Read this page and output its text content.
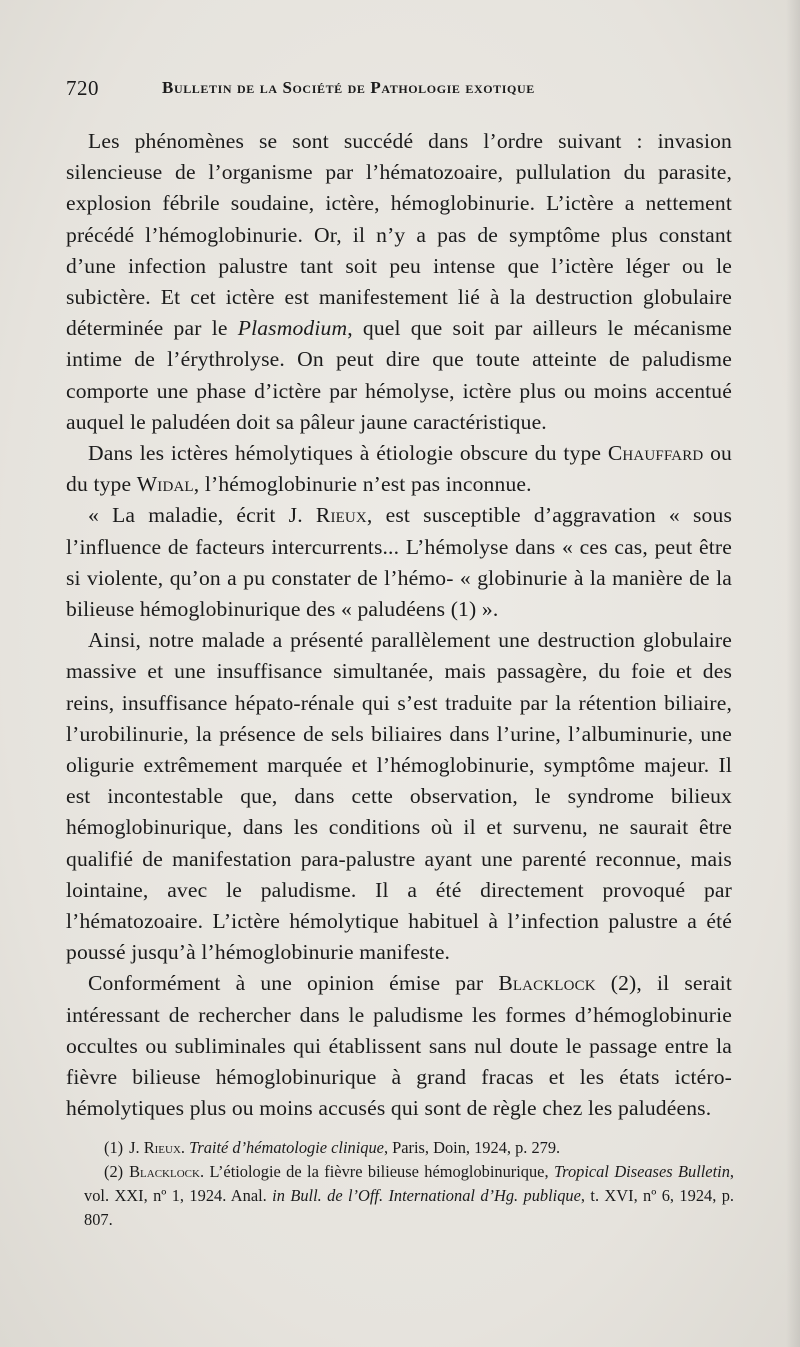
720	Bulletin de la Société de Pathologie exotique

Les phénomènes se sont succédé dans l’ordre suivant : invasion silencieuse de l’organisme par l’hématozoaire, pullulation du parasite, explosion fébrile soudaine, ictère, hémoglobinurie. L’ictère a nettement précédé l’hémoglobinurie. Or, il n’y a pas de symptôme plus constant d’une infection palustre tant soit peu intense que l’ictère léger ou le subictère. Et cet ictère est manifestement lié à la destruction globulaire déterminée par le Plasmodium, quel que soit par ailleurs le mécanisme intime de l’érythrolyse. On peut dire que toute atteinte de paludisme comporte une phase d’ictère par hémolyse, ictère plus ou moins accentué auquel le paludéen doit sa pâleur jaune caractéristique.

Dans les ictères hémolytiques à étiologie obscure du type Chauffard ou du type Widal, l’hémoglobinurie n’est pas inconnue.

« La maladie, écrit J. Rieux, est susceptible d’aggravation « sous l’influence de facteurs intercurrents... L’hémolyse dans « ces cas, peut être si violente, qu’on a pu constater de l’hémo- « globinurie à la manière de la bilieuse hémoglobinurique des « paludéens (1) ».

Ainsi, notre malade a présenté parallèlement une destruction globulaire massive et une insuffisance simultanée, mais passagère, du foie et des reins, insuffisance hépato-rénale qui s’est traduite par la rétention biliaire, l’urobilinurie, la présence de sels biliaires dans l’urine, l’albuminurie, une oligurie extrêmement marquée et l’hémoglobinurie, symptôme majeur. Il est incontestable que, dans cette observation, le syndrome bilieux hémoglobinurique, dans les conditions où il et survenu, ne saurait être qualifié de manifestation para-palustre ayant une parenté reconnue, mais lointaine, avec le paludisme. Il a été directement provoqué par l’hématozoaire. L’ictère hémolytique habituel à l’infection palustre a été poussé jusqu’à l’hémoglobinurie manifeste.

Conformément à une opinion émise par Blacklock (2), il serait intéressant de rechercher dans le paludisme les formes d’hémoglobinurie occultes ou subliminales qui établissent sans nul doute le passage entre la fièvre bilieuse hémoglobinurique à grand fracas et les états ictéro-hémolytiques plus ou moins accusés qui sont de règle chez les paludéens.

(1) J. Rieux. Traité d’hématologie clinique, Paris, Doin, 1924, p. 279.

(2) Blacklock. L’étiologie de la fièvre bilieuse hémoglobinurique, Tropical Diseases Bulletin, vol. XXI, nº 1, 1924. Anal. in Bull. de l’Off. International d’Hg. publique, t. XVI, nº 6, 1924, p. 807.
